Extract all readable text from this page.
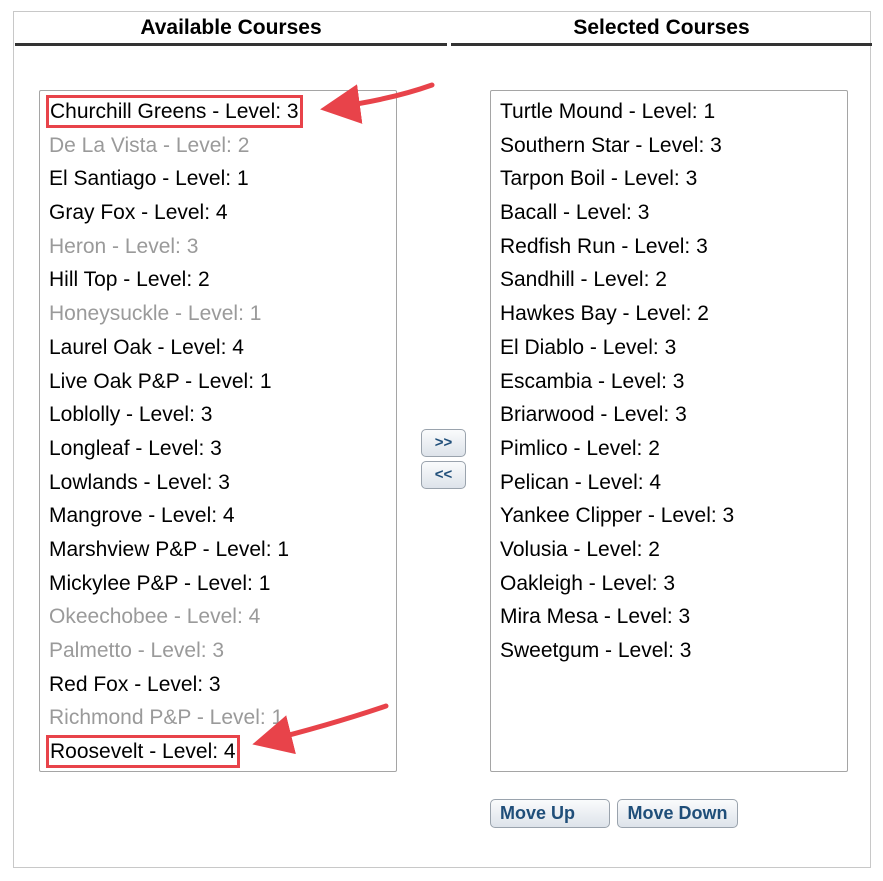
Available Courses	Selected Courses
Churchill Greens - Level: 3
De La Vista - Level: 2
El Santiago - Level: 1
Gray Fox - Level: 4
Heron - Level: 3
Hill Top - Level: 2
Honeysuckle - Level: 1
Laurel Oak - Level: 4
Live Oak P&P - Level: 1
Loblolly - Level: 3
Longleaf - Level: 3
Lowlands - Level: 3
Mangrove - Level: 4
Marshview P&P - Level: 1
Mickylee P&P - Level: 1
Okeechobee - Level: 4
Palmetto - Level: 3
Red Fox - Level: 3
Richmond P&P - Level: 1
Roosevelt - Level: 4
Turtle Mound - Level: 1
Southern Star - Level: 3
Tarpon Boil - Level: 3
Bacall - Level: 3
Redfish Run - Level: 3
Sandhill - Level: 2
Hawkes Bay - Level: 2
El Diablo - Level: 3
Escambia - Level: 3
Briarwood - Level: 3
Pimlico - Level: 2
Pelican - Level: 4
Yankee Clipper - Level: 3
Volusia - Level: 2
Oakleigh - Level: 3
Mira Mesa - Level: 3
Sweetgum - Level: 3
>>
<<
Move Up	Move Down
